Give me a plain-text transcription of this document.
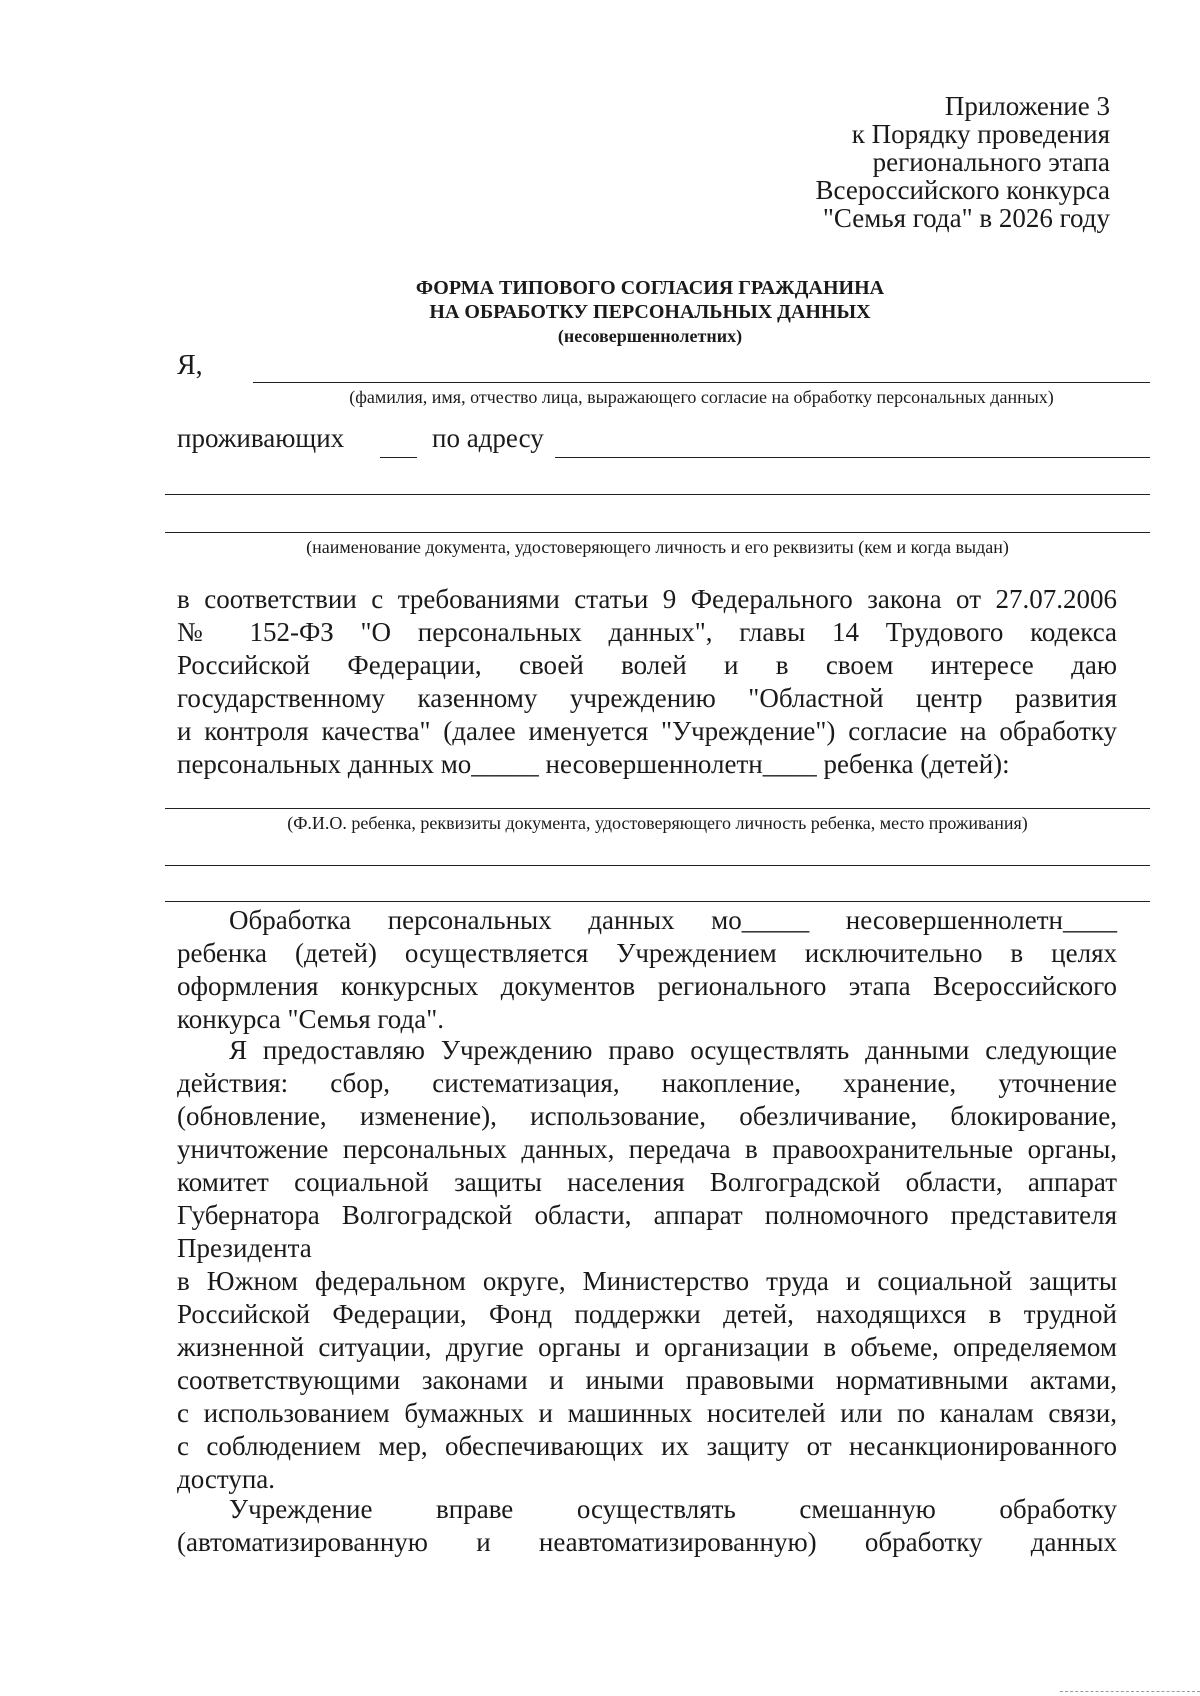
Приложение 3
к Порядку проведения
регионального этапа
Всероссийского конкурса
"Семья года" в 2026 году
ФОРМА ТИПОВОГО СОГЛАСИЯ ГРАЖДАНИНА
НА ОБРАБОТКУ ПЕРСОНАЛЬНЫХ ДАННЫХ
(несовершеннолетних)
Я,
(фамилия, имя, отчество лица, выражающего согласие на обработку персональных данных)
проживающих	по адресу
(наименование документа, удостоверяющего личность и его реквизиты (кем и когда выдан)
в соответствии с требованиями статьи 9 Федерального закона от 27.07.2006
№ 152-ФЗ "О персональных данных", главы 14 Трудового кодекса
Российской Федерации, своей волей и в своем интересе даю
государственному казенному учреждению "Областной центр развития
и контроля качества" (далее именуется "Учреждение") согласие на обработку
персональных данных мо_____ несовершеннолетн____ ребенка (детей):
(Ф.И.О. ребенка, реквизиты документа, удостоверяющего личность ребенка, место проживания)
Обработка персональных данных мо_____ несовершеннолетн____
ребенка (детей) осуществляется Учреждением исключительно в целях
оформления конкурсных документов регионального этапа Всероссийского
конкурса "Семья года".
Я предоставляю Учреждению право осуществлять данными следующие
действия: сбор, систематизация, накопление, хранение, уточнение
(обновление, изменение), использование, обезличивание, блокирование,
уничтожение персональных данных, передача в правоохранительные органы,
комитет социальной защиты населения Волгоградской области, аппарат
Губернатора Волгоградской области, аппарат полномочного представителя
Президента
в Южном федеральном округе, Министерство труда и социальной защиты
Российской Федерации, Фонд поддержки детей, находящихся в трудной
жизненной ситуации, другие органы и организации в объеме, определяемом
соответствующими законами и иными правовыми нормативными актами,
с использованием бумажных и машинных носителей или по каналам связи,
с соблюдением мер, обеспечивающих их защиту от несанкционированного
доступа.
Учреждение вправе осуществлять смешанную обработку
(автоматизированную и неавтоматизированную) обработку данных
